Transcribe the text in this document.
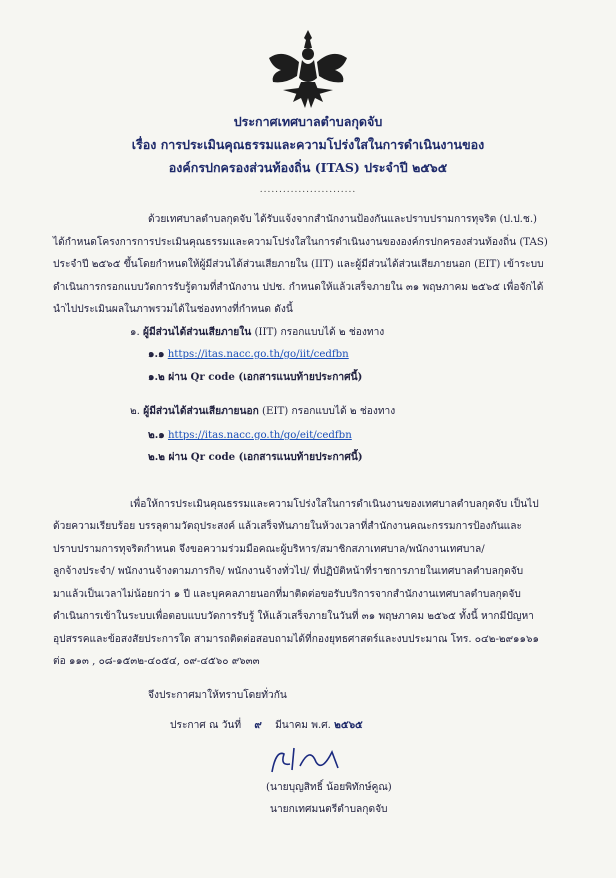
ประกาศเทศบาลตำบลกุดจับ
เรื่อง การประเมินคุณธรรมและความโปร่งใสในการดำเนินงานของ
องค์กรปกครองส่วนท้องถิ่น (ITAS) ประจำปี ๒๕๖๕
.........................
ด้วยเทศบาลตำบลกุดจับ ได้รับแจ้งจากสำนักงานป้องกันและปราบปรามการทุจริต (ป.ป.ช.)
ได้กำหนดโครงการการประเมินคุณธรรมและความโปร่งใสในการดำเนินงานขององค์กรปกครองส่วนท้องถิ่น (TAS)
ประจำปี ๒๕๖๕ ขึ้นโดยกำหนดให้ผู้มีส่วนได้ส่วนเสียภายใน (IIT) และผู้มีส่วนได้ส่วนเสียภายนอก (EIT) เข้าระบบ
ดำเนินการกรอกแบบวัดการรับรู้ตามที่สำนักงาน ปปช. กำหนดให้แล้วเสร็จภายใน ๓๑ พฤษภาคม ๒๕๖๕ เพื่อจักได้
นำไปประเมินผลในภาพรวมได้ในช่องทางที่กำหนด ดังนี้
๑. ผู้มีส่วนได้ส่วนเสียภายใน (IIT) กรอกแบบได้ ๒ ช่องทาง
๑.๑ https://itas.nacc.go.th/go/iit/cedfbn
๑.๒ ผ่าน Qr code (เอกสารแนบท้ายประกาศนี้)
๒. ผู้มีส่วนได้ส่วนเสียภายนอก (EIT) กรอกแบบได้ ๒ ช่องทาง
๒.๑ https://itas.nacc.go.th/go/eit/cedfbn
๒.๒ ผ่าน Qr code (เอกสารแนบท้ายประกาศนี้)
เพื่อให้การประเมินคุณธรรมและความโปร่งใสในการดำเนินงานของเทศบาลตำบลกุดจับ เป็นไป
ด้วยความเรียบร้อย บรรลุตามวัตถุประสงค์ แล้วเสร็จทันภายในห้วงเวลาที่สำนักงานคณะกรรมการป้องกันและ
ปราบปรามการทุจริตกำหนด จึงขอความร่วมมือคณะผู้บริหาร/สมาชิกสภาเทศบาล/พนักงานเทศบาล/
ลูกจ้างประจำ/ พนักงานจ้างตามภารกิจ/ พนักงานจ้างทั่วไป/ ที่ปฏิบัติหน้าที่ราชการภายในเทศบาลตำบลกุดจับ
มาแล้วเป็นเวลาไม่น้อยกว่า ๑ ปี และบุคคลภายนอกที่มาติดต่อขอรับบริการจากสำนักงานเทศบาลตำบลกุดจับ
ดำเนินการเข้าในระบบเพื่อตอบแบบวัดการรับรู้ ให้แล้วเสร็จภายในวันที่ ๓๑ พฤษภาคม ๒๕๖๕ ทั้งนี้ หากมีปัญหา
อุปสรรคและข้อสงสัยประการใด สามารถติดต่อสอบถามได้ที่กองยุทธศาสตร์และงบประมาณ โทร. ๐๔๒-๒๙๑๑๖๑
ต่อ ๑๑๓ , ๐๘-๑๕๓๒-๔๐๕๔, ๐๙-๔๕๖๐ ๙๖๓๓
จึงประกาศมาให้ทราบโดยทั่วกัน
ประกาศ ณ วันที่ ๙ มีนาคม พ.ศ. ๒๕๖๕
(นายบุญสิทธิ์ น้อยพิทักษ์คูณ)
นายกเทศมนตรีตำบลกุดจับ
